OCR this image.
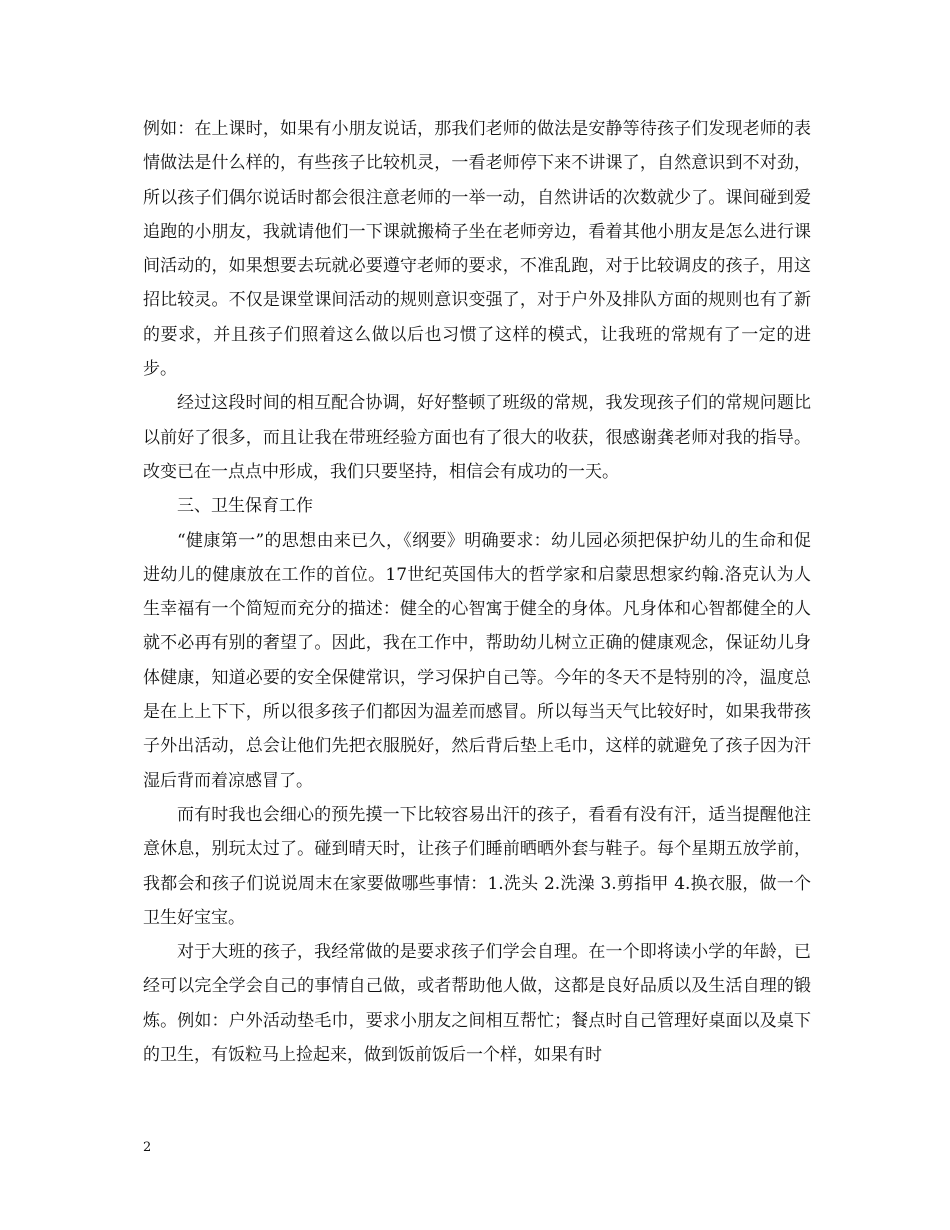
例如：在上课时，如果有小朋友说话，那我们老师的做法是安静等待孩子们发现老师的表情做法是什么样的，有些孩子比较机灵，一看老师停下来不讲课了，自然意识到不对劲，所以孩子们偶尔说话时都会很注意老师的一举一动，自然讲话的次数就少了。课间碰到爱追跑的小朋友，我就请他们一下课就搬椅子坐在老师旁边，看着其他小朋友是怎么进行课间活动的，如果想要去玩就必要遵守老师的要求，不准乱跑，对于比较调皮的孩子，用这招比较灵。不仅是课堂课间活动的规则意识变强了，对于户外及排队方面的规则也有了新的要求，并且孩子们照着这么做以后也习惯了这样的模式，让我班的常规有了一定的进步。

经过这段时间的相互配合协调，好好整顿了班级的常规，我发现孩子们的常规问题比以前好了很多，而且让我在带班经验方面也有了很大的收获，很感谢龚老师对我的指导。改变已在一点点中形成，我们只要坚持，相信会有成功的一天。

三、卫生保育工作

“健康第一”的思想由来已久，《纲要》明确要求：幼儿园必须把保护幼儿的生命和促进幼儿的健康放在工作的首位。17世纪英国伟大的哲学家和启蒙思想家约翰.洛克认为人生幸福有一个简短而充分的描述：健全的心智寓于健全的身体。凡身体和心智都健全的人就不必再有别的奢望了。因此，我在工作中，帮助幼儿树立正确的健康观念，保证幼儿身体健康，知道必要的安全保健常识，学习保护自己等。今年的冬天不是特别的冷，温度总是在上上下下，所以很多孩子们都因为温差而感冒。所以每当天气比较好时，如果我带孩子外出活动，总会让他们先把衣服脱好，然后背后垫上毛巾，这样的就避免了孩子因为汗湿后背而着凉感冒了。

而有时我也会细心的预先摸一下比较容易出汗的孩子，看看有没有汗，适当提醒他注意休息，别玩太过了。碰到晴天时，让孩子们睡前晒晒外套与鞋子。每个星期五放学前，我都会和孩子们说说周末在家要做哪些事情：1.洗头 2.洗澡 3.剪指甲 4.换衣服，做一个卫生好宝宝。

对于大班的孩子，我经常做的是要求孩子们学会自理。在一个即将读小学的年龄，已经可以完全学会自己的事情自己做，或者帮助他人做，这都是良好品质以及生活自理的锻炼。例如：户外活动垫毛巾，要求小朋友之间相互帮忙；餐点时自己管理好桌面以及桌下的卫生，有饭粒马上捡起来，做到饭前饭后一个样，如果有时

2
